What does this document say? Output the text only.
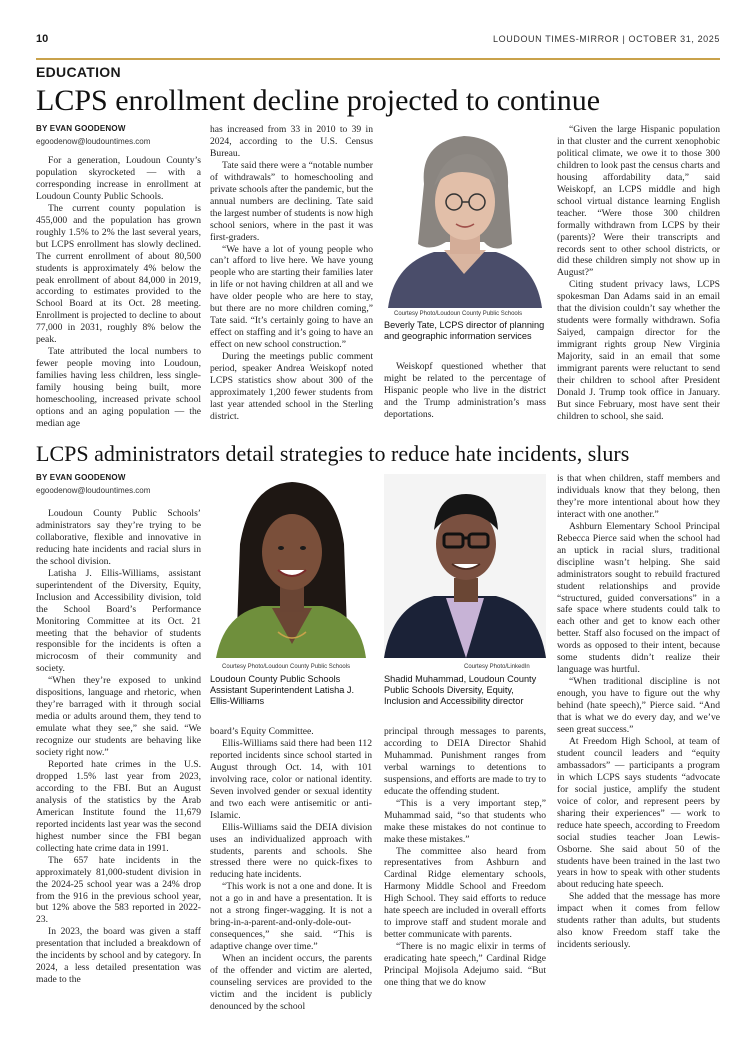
10	LOUDOUN TIMES-MIRROR | OCTOBER 31, 2025
EDUCATION
LCPS enrollment decline projected to continue
BY EVAN GOODENOW
egoodenow@loudountimes.com

For a generation, Loudoun County’s population skyrocketed — with a corresponding increase in enrollment at Loudoun County Public Schools.

The current county population is 455,000 and the population has grown roughly 1.5% to 2% the last several years, but LCPS enrollment has slowly declined. The current enrollment of about 80,500 students is approximately 4% below the peak enrollment of about 84,000 in 2019, according to estimates provided to the School Board at its Oct. 28 meeting. Enrollment is projected to decline to about 77,000 in 2031, roughly 8% below the peak.

Tate attributed the local numbers to fewer people moving into Loudoun, families having less children, less single-family housing being built, more homeschooling, increased private school options and an aging population — the median age

has increased from 33 in 2010 to 39 in 2024, according to the U.S. Census Bureau.

Tate said there were a “notable number of withdrawals” to homeschooling and private schools after the pandemic, but the annual numbers are declining. Tate said the largest number of students is now high school seniors, where in the past it was first-graders.

“We have a lot of young people who can’t afford to live here. We have young people who are starting their families later in life or not having children at all and we have older people who are here to stay, but there are no more children coming,” Tate said. “It’s certainly going to have an effect on staffing and it’s going to have an effect on new school construction.”

During the meetings public comment period, speaker Andrea Weiskopf noted LCPS statistics show about 300 of the approximately 1,200 fewer students from last year attended school in the Sterling district.

Courtesy Photo/Loudoun County Public Schools
Beverly Tate, LCPS director of planning and geographic information services

Weiskopf questioned whether that might be related to the percentage of Hispanic people who live in the district and the Trump administration’s mass deportations.

“Given the large Hispanic population in that cluster and the current xenophobic political climate, we owe it to those 300 children to look past the census charts and housing affordability data,” said Weiskopf, an LCPS middle and high school virtual distance learning English teacher. “Were those 300 children formally withdrawn from LCPS by their (parents)? Were their transcripts and records sent to other school districts, or did these children simply not show up in August?”

Citing student privacy laws, LCPS spokesman Dan Adams said in an email that the division couldn’t say whether the students were formally withdrawn. Sofia Saiyed, campaign director for the immigrant rights group New Virginia Majority, said in an email that some immigrant parents were reluctant to send their children to school after President Donald J. Trump took office in January. But since February, most have sent their children to school, she said.

LCPS administrators detail strategies to reduce hate incidents, slurs
BY EVAN GOODENOW
egoodenow@loudountimes.com

Loudoun County Public Schools’ administrators say they’re trying to be collaborative, flexible and innovative in reducing hate incidents and racial slurs in the school division.

Latisha J. Ellis-Williams, assistant superintendent of the Diversity, Equity, Inclusion and Accessibility division, told the School Board’s Performance Monitoring Committee at its Oct. 21 meeting that the behavior of students responsible for the incidents is often a microcosm of their community and society.

“When they’re exposed to unkind dispositions, language and rhetoric, when they’re barraged with it through social media or adults around them, they tend to emulate what they see,” she said. “We recognize our students are behaving like society right now.”

Reported hate crimes in the U.S. dropped 1.5% last year from 2023, according to the FBI. But an August analysis of the statistics by the Arab American Institute found the 11,679 reported incidents last year was the second highest number since the FBI began collecting hate crime data in 1991.

The 657 hate incidents in the approximately 81,000-student division in the 2024-25 school year was a 24% drop from the 916 in the previous school year, but 12% above the 583 reported in 2022-23.

In 2023, the board was given a staff presentation that included a breakdown of the incidents by school and by category. In 2024, a less detailed presentation was made to the

Courtesy Photo/Loudoun County Public Schools
Loudoun County Public Schools Assistant Superintendent Latisha J. Ellis-Williams
Courtesy Photo/LinkedIn
Shadid Muhammad, Loudoun County Public Schools Diversity, Equity, Inclusion and Accessibility director

board’s Equity Committee.

Ellis-Williams said there had been 112 reported incidents since school started in August through Oct. 14, with 101 involving race, color or national identity. Seven involved gender or sexual identity and two each were antisemitic or anti-Islamic.

Ellis-Williams said the DEIA division uses an individualized approach with students, parents and schools. She stressed there were no quick-fixes to reducing hate incidents.

“This work is not a one and done. It is not a go in and have a presentation. It is not a strong finger-wagging. It is not a bring-in-a-parent-and-only-dole-out-consequences,” she said. “This is adaptive change over time.”

When an incident occurs, the parents of the offender and victim are alerted, counseling services are provided to the victim and the incident is publicly denounced by the school

principal through messages to parents, according to DEIA Director Shahid Muhammad. Punishment ranges from verbal warnings to detentions to suspensions, and efforts are made to try to educate the offending student.

“This is a very important step,” Muhammad said, “so that students who make these mistakes do not continue to make these mistakes.”

The committee also heard from representatives from Ashburn and Cardinal Ridge elementary schools, Harmony Middle School and Freedom High School. They said efforts to reduce hate speech are included in overall efforts to improve staff and student morale and better communicate with parents.

“There is no magic elixir in terms of eradicating hate speech,” Cardinal Ridge Principal Mojisola Adejumo said. “But one thing that we do know

is that when children, staff members and individuals know that they belong, then they’re more intentional about how they interact with one another.”

Ashburn Elementary School Principal Rebecca Pierce said when the school had an uptick in racial slurs, traditional discipline wasn’t helping. She said administrators sought to rebuild fractured student relationships and provide “structured, guided conversations” in a safe space where students could talk to each other and get to know each other better. Staff also focused on the impact of words as opposed to their intent, because some students didn’t realize their language was hurtful.

“When traditional discipline is not enough, you have to figure out the why behind (hate speech),” Pierce said. “And that is what we do every day, and we’ve seen great success.”

At Freedom High School, at team of student council leaders and “equity ambassadors” — participants a program in which LCPS says students “advocate for social justice, amplify the student voice of color, and represent peers by sharing their experiences” — work to reduce hate speech, according to Freedom social studies teacher Joan Lewis-Osborne. She said about 50 of the students have been trained in the last two years in how to speak with other students about reducing hate speech.

She added that the message has more impact when it comes from fellow students rather than adults, but students also know Freedom staff take the incidents seriously.
